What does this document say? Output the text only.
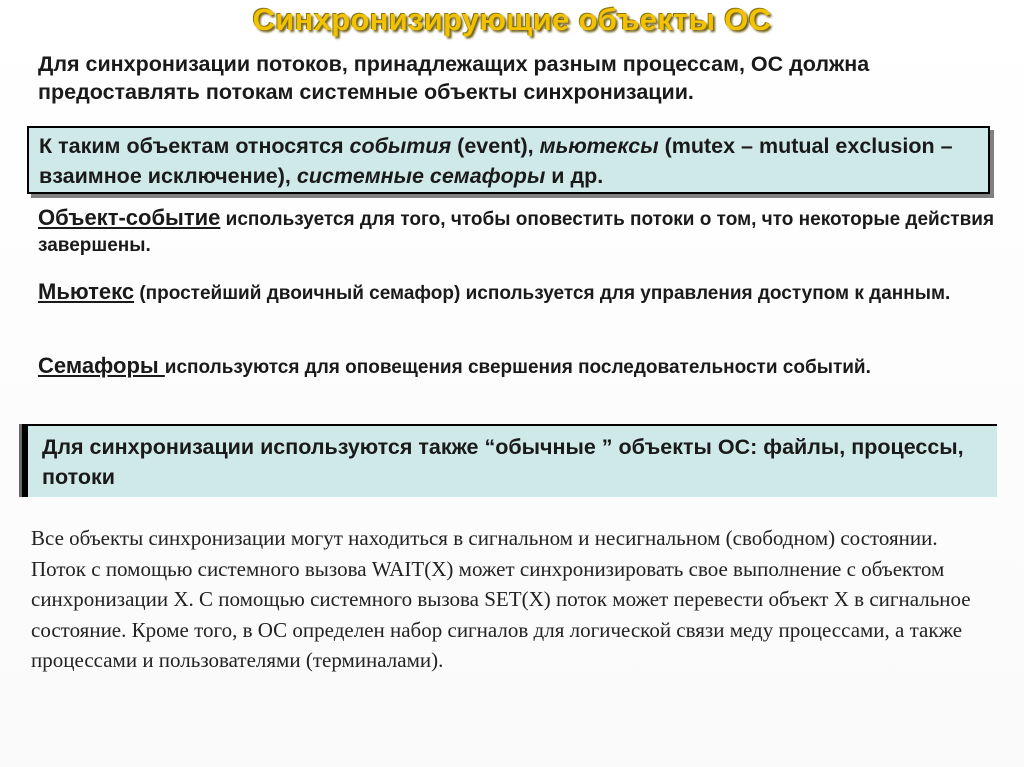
Синхронизирующие объекты ОС
Для синхронизации потоков, принадлежащих разным процессам, ОС должна предоставлять потокам системные объекты синхронизации.
К таким объектам относятся события (event), мьютексы (mutex – mutual exclusion – взаимное исключение), системные семафоры и др.
Объект-событие используется для того, чтобы оповестить потоки о том, что некоторые действия завершены.
Мьютекс (простейший двоичный семафор) используется для управления доступом к данным.
Семафоры используются для оповещения свершения последовательности событий.
Для синхронизации используются также “обычные ” объекты ОС: файлы, процессы, потоки
Все объекты синхронизации могут находиться в сигнальном и несигнальном (свободном) состоянии. Поток с помощью системного вызова WAIT(X) может синхронизировать свое выполнение с объектом синхронизации X. С помощью системного вызова SET(X) поток может перевести объект X в сигнальное состояние. Кроме того, в ОС определен набор сигналов для логической связи меду процессами, а также процессами и пользователями (терминалами).
